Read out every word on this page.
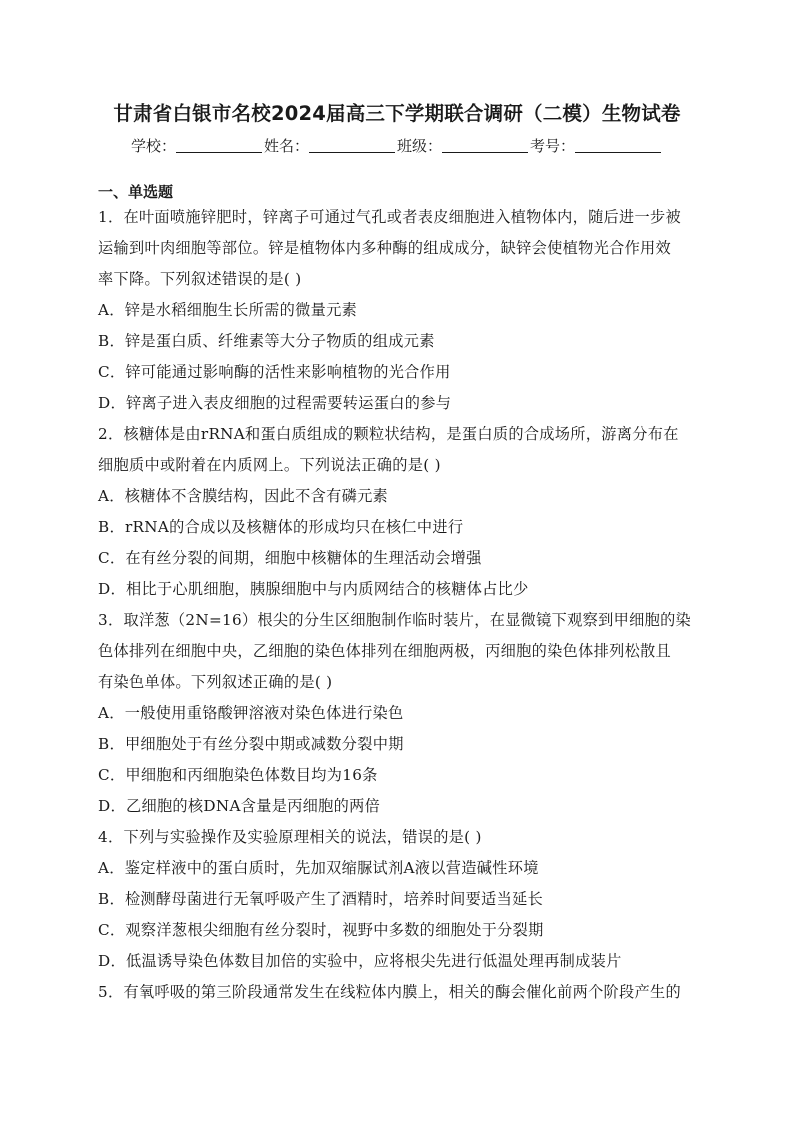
甘肃省白银市名校2024届高三下学期联合调研（二模）生物试卷
学校：	姓名：	班级：	考号：
一、单选题
1．在叶面喷施锌肥时，锌离子可通过气孔或者表皮细胞进入植物体内，随后进一步被
运输到叶肉细胞等部位。锌是植物体内多种酶的组成成分，缺锌会使植物光合作用效
率下降。下列叙述错误的是( )
A．锌是水稻细胞生长所需的微量元素
B．锌是蛋白质、纤维素等大分子物质的组成元素
C．锌可能通过影响酶的活性来影响植物的光合作用
D．锌离子进入表皮细胞的过程需要转运蛋白的参与
2．核糖体是由rRNA和蛋白质组成的颗粒状结构，是蛋白质的合成场所，游离分布在
细胞质中或附着在内质网上。下列说法正确的是( )
A．核糖体不含膜结构，因此不含有磷元素
B．rRNA的合成以及核糖体的形成均只在核仁中进行
C．在有丝分裂的间期，细胞中核糖体的生理活动会增强
D．相比于心肌细胞，胰腺细胞中与内质网结合的核糖体占比少
3．取洋葱（2N=16）根尖的分生区细胞制作临时装片，在显微镜下观察到甲细胞的染
色体排列在细胞中央，乙细胞的染色体排列在细胞两极，丙细胞的染色体排列松散且
有染色单体。下列叙述正确的是( )
A．一般使用重铬酸钾溶液对染色体进行染色
B．甲细胞处于有丝分裂中期或减数分裂中期
C．甲细胞和丙细胞染色体数目均为16条
D．乙细胞的核DNA含量是丙细胞的两倍
4．下列与实验操作及实验原理相关的说法，错误的是( )
A．鉴定样液中的蛋白质时，先加双缩脲试剂A液以营造碱性环境
B．检测酵母菌进行无氧呼吸产生了酒精时，培养时间要适当延长
C．观察洋葱根尖细胞有丝分裂时，视野中多数的细胞处于分裂期
D．低温诱导染色体数目加倍的实验中，应将根尖先进行低温处理再制成装片
5．有氧呼吸的第三阶段通常发生在线粒体内膜上，相关的酶会催化前两个阶段产生的
